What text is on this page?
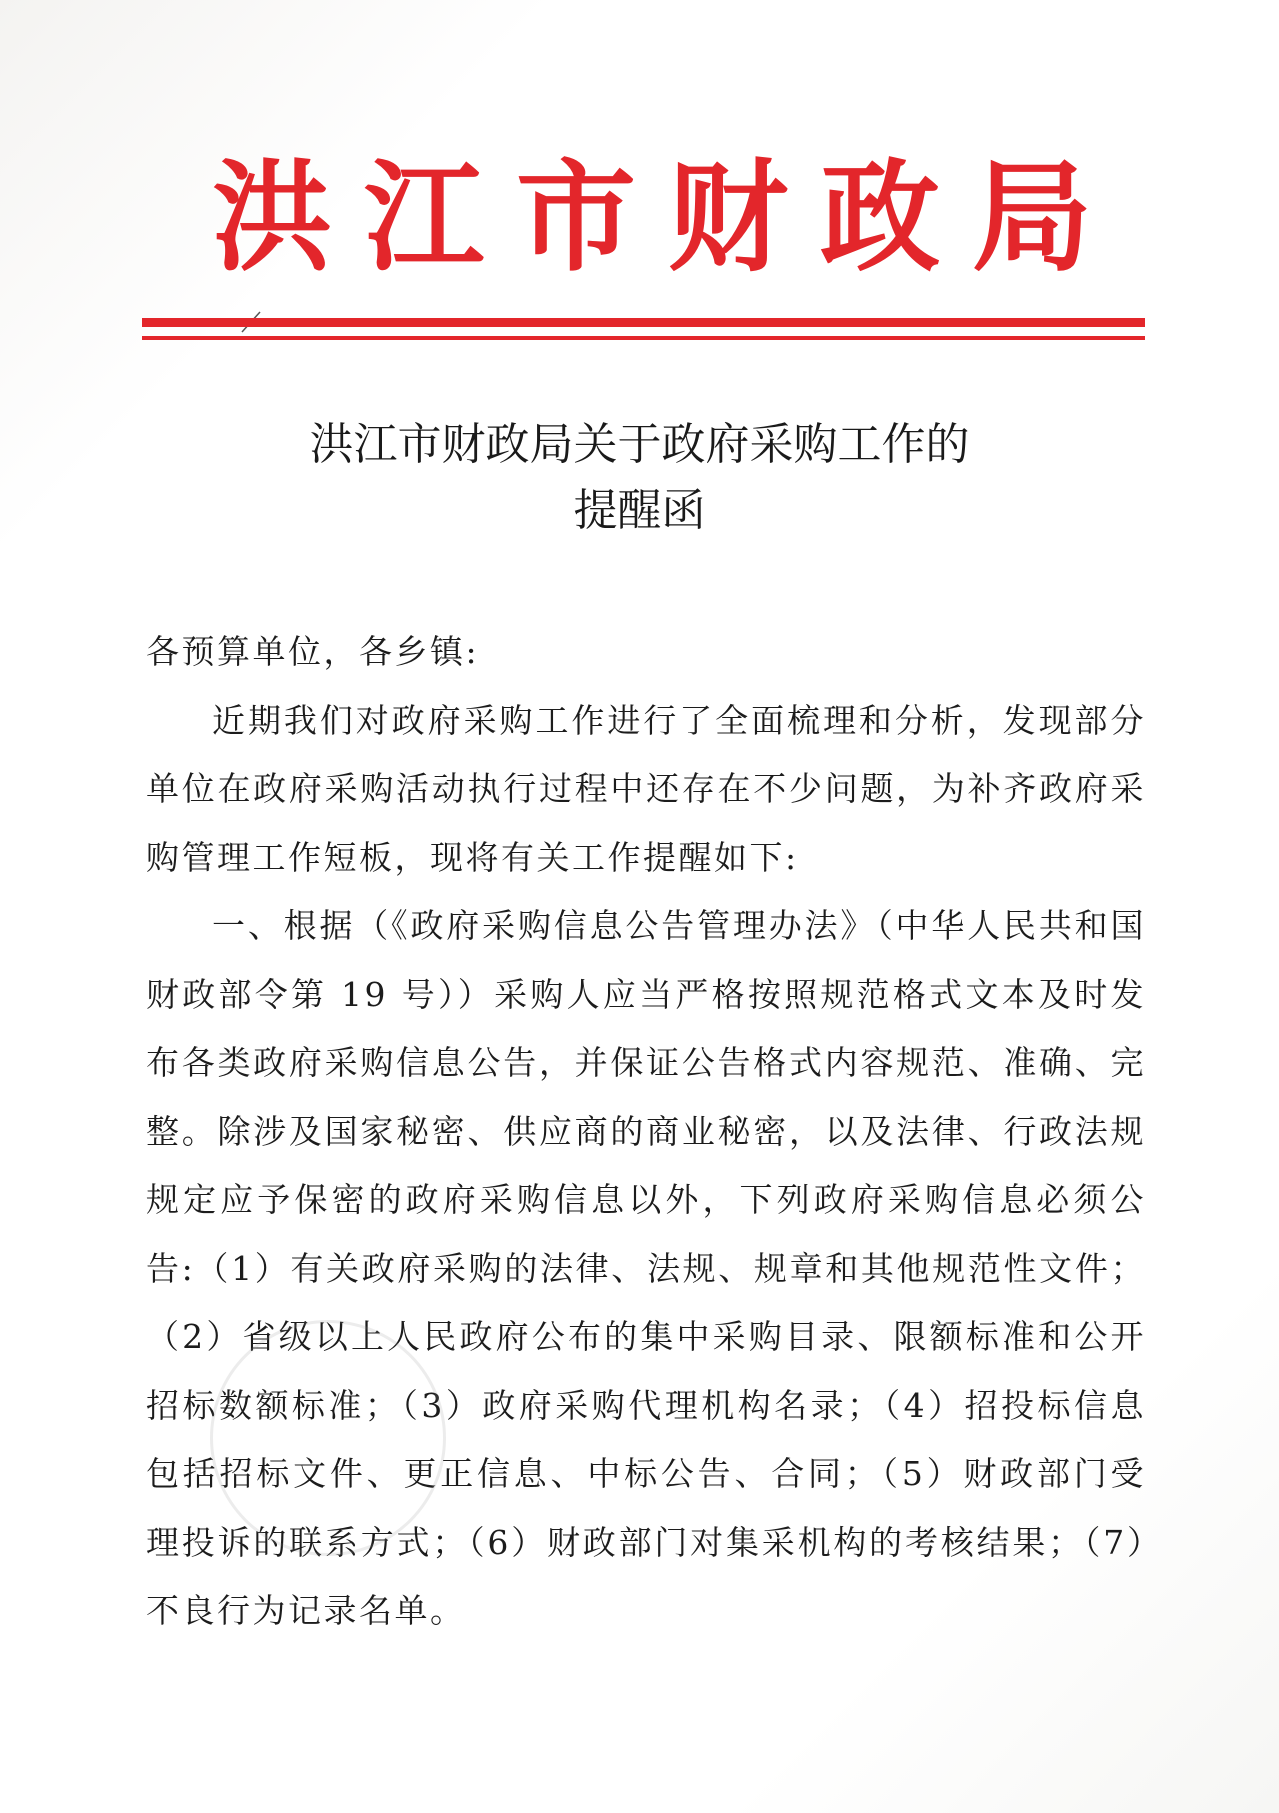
洪 江 市 财 政 局
洪江市财政局关于政府采购工作的
提醒函

各预算单位，各乡镇:

近期我们对政府采购工作进行了全面梳理和分析，发现部分单位在政府采购活动执行过程中还存在不少问题，为补齐政府采购管理工作短板，现将有关工作提醒如下:

一、根据（《政府采购信息公告管理办法》（中华人民共和国财政部令第 19 号））采购人应当严格按照规范格式文本及时发布各类政府采购信息公告，并保证公告格式内容规范、准确、完整。除涉及国家秘密、供应商的商业秘密，以及法律、行政法规规定应予保密的政府采购信息以外，下列政府采购信息必须公告:（1）有关政府采购的法律、法规、规章和其他规范性文件；（2）省级以上人民政府公布的集中采购目录、限额标准和公开招标数额标准；（3）政府采购代理机构名录；（4）招投标信息包括招标文件、更正信息、中标公告、合同；（5）财政部门受理投诉的联系方式；（6）财政部门对集采机构的考核结果；（7）不良行为记录名单。
